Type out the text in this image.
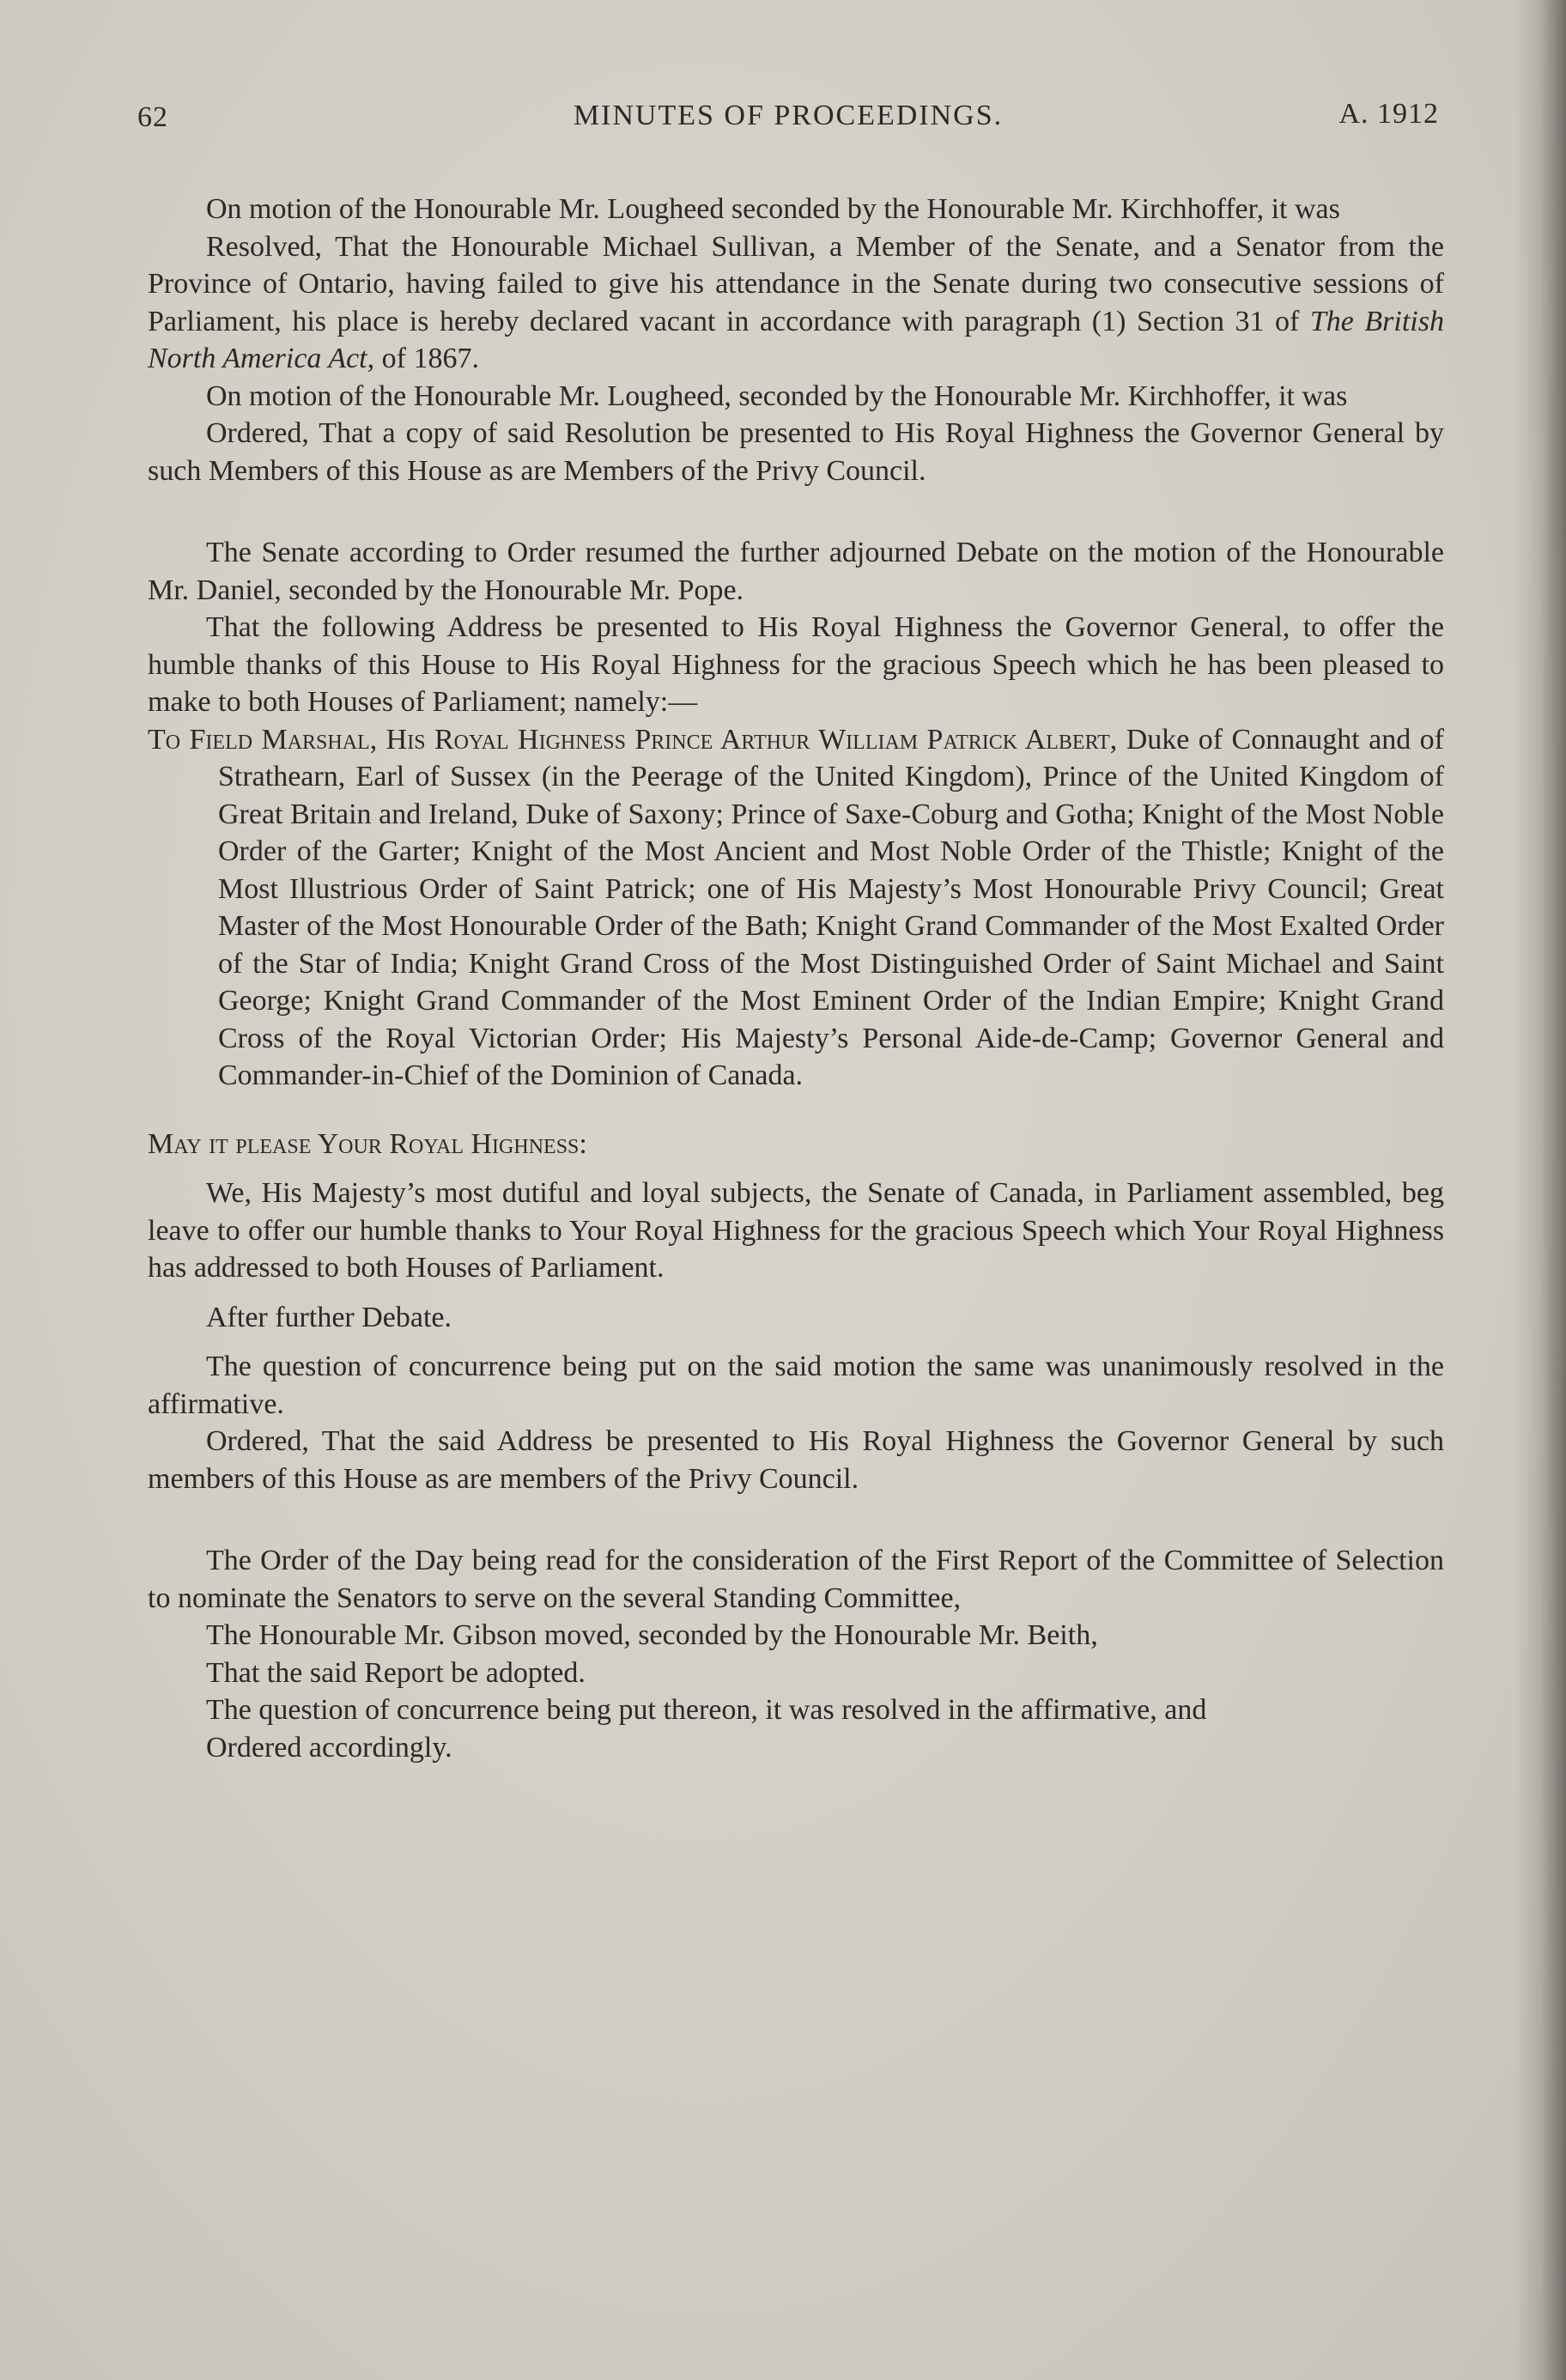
62	MINUTES OF PROCEEDINGS.	A. 1912

On motion of the Honourable Mr. Lougheed seconded by the Honourable Mr. Kirchhoffer, it was

Resolved, That the Honourable Michael Sullivan, a Member of the Senate, and a Senator from the Province of Ontario, having failed to give his attendance in the Senate during two consecutive sessions of Parliament, his place is hereby declared vacant in accordance with paragraph (1) Section 31 of The British North America Act, of 1867.

On motion of the Honourable Mr. Lougheed, seconded by the Honourable Mr. Kirchhoffer, it was

Ordered, That a copy of said Resolution be presented to His Royal Highness the Governor General by such Members of this House as are Members of the Privy Council.

The Senate according to Order resumed the further adjourned Debate on the motion of the Honourable Mr. Daniel, seconded by the Honourable Mr. Pope.

That the following Address be presented to His Royal Highness the Governor General, to offer the humble thanks of this House to His Royal Highness for the gracious Speech which he has been pleased to make to both Houses of Parliament; namely:—

To Field Marshal, His Royal Highness Prince Arthur William Patrick Albert, Duke of Connaught and of Strathearn, Earl of Sussex (in the Peerage of the United Kingdom), Prince of the United Kingdom of Great Britain and Ireland, Duke of Saxony; Prince of Saxe-Coburg and Gotha; Knight of the Most Noble Order of the Garter; Knight of the Most Ancient and Most Noble Order of the Thistle; Knight of the Most Illustrious Order of Saint Patrick; one of His Majesty’s Most Honourable Privy Council; Great Master of the Most Honourable Order of the Bath; Knight Grand Commander of the Most Exalted Order of the Star of India; Knight Grand Cross of the Most Distinguished Order of Saint Michael and Saint George; Knight Grand Commander of the Most Eminent Order of the Indian Empire; Knight Grand Cross of the Royal Victorian Order; His Majesty’s Personal Aide-de-Camp; Governor General and Commander-in-Chief of the Dominion of Canada.

May it please Your Royal Highness:

We, His Majesty’s most dutiful and loyal subjects, the Senate of Canada, in Parliament assembled, beg leave to offer our humble thanks to Your Royal Highness for the gracious Speech which Your Royal Highness has addressed to both Houses of Parliament.

After further Debate.

The question of concurrence being put on the said motion the same was unanimously resolved in the affirmative.

Ordered, That the said Address be presented to His Royal Highness the Governor General by such members of this House as are members of the Privy Council.

The Order of the Day being read for the consideration of the First Report of the Committee of Selection to nominate the Senators to serve on the several Standing Committee,

The Honourable Mr. Gibson moved, seconded by the Honourable Mr. Beith,

That the said Report be adopted.

The question of concurrence being put thereon, it was resolved in the affirmative, and

Ordered accordingly.
